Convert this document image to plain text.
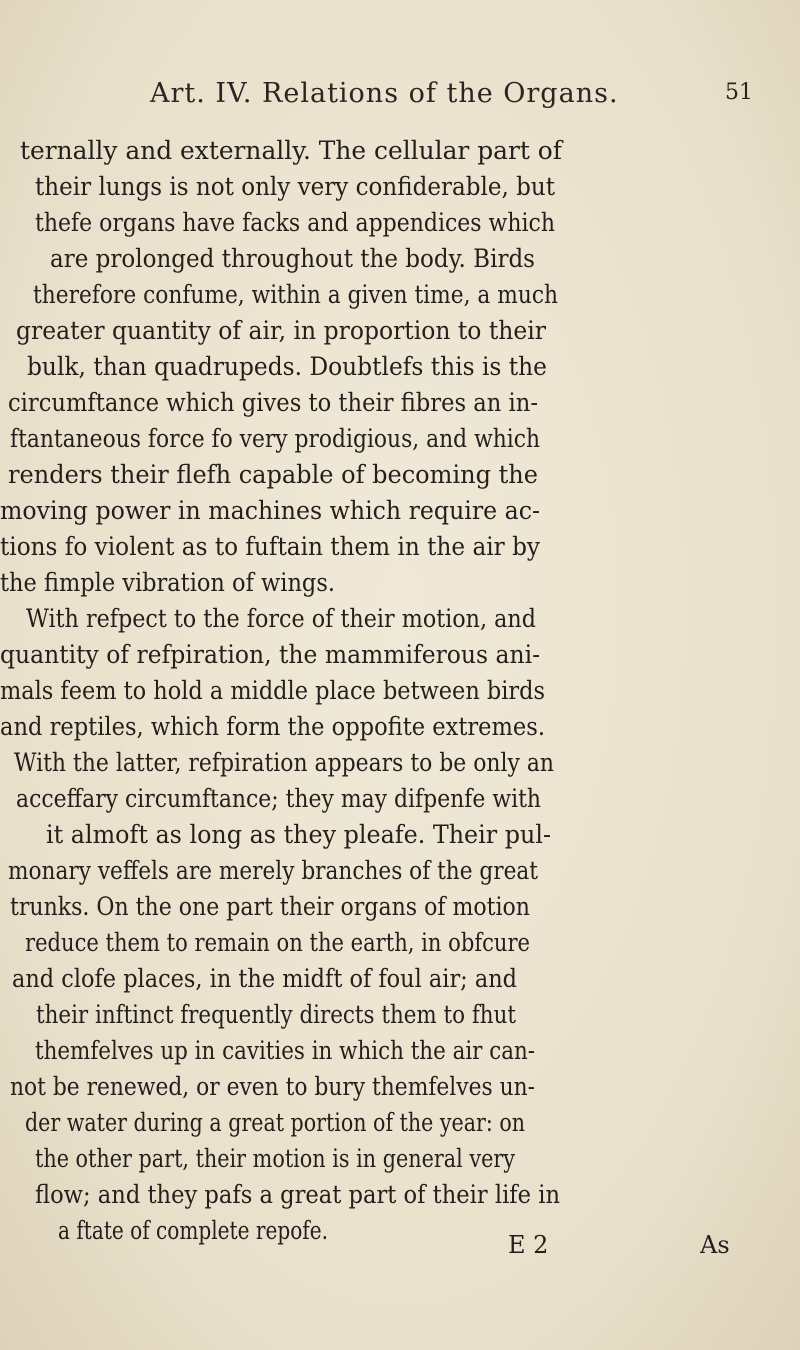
Art. IV. Relations of the Organs.	51
ternally and externally. The cellular part of
their lungs is not only very confiderable, but
thefe organs have facks and appendices which
are prolonged throughout the body. Birds
therefore confume, within a given time, a much
greater quantity of air, in proportion to their
bulk, than quadrupeds. Doubtlefs this is the
circumftance which gives to their fibres an in-
ftantaneous force fo very prodigious, and which
renders their flefh capable of becoming the
moving power in machines which require ac-
tions fo violent as to fuftain them in the air by
the fimple vibration of wings.
With refpect to the force of their motion, and
quantity of refpiration, the mammiferous ani-
mals feem to hold a middle place between birds
and reptiles, which form the oppofite extremes.
With the latter, refpiration appears to be only an
acceffary circumftance; they may difpenfe with
it almoft as long as they pleafe. Their pul-
monary veffels are merely branches of the great
trunks. On the one part their organs of motion
reduce them to remain on the earth, in obfcure
and clofe places, in the midft of foul air; and
their inftinct frequently directs them to fhut
themfelves up in cavities in which the air can-
not be renewed, or even to bury themfelves un-
der water during a great portion of the year: on
the other part, their motion is in general very
flow; and they pafs a great part of their life in
a ftate of complete repofe.	E 2	As
